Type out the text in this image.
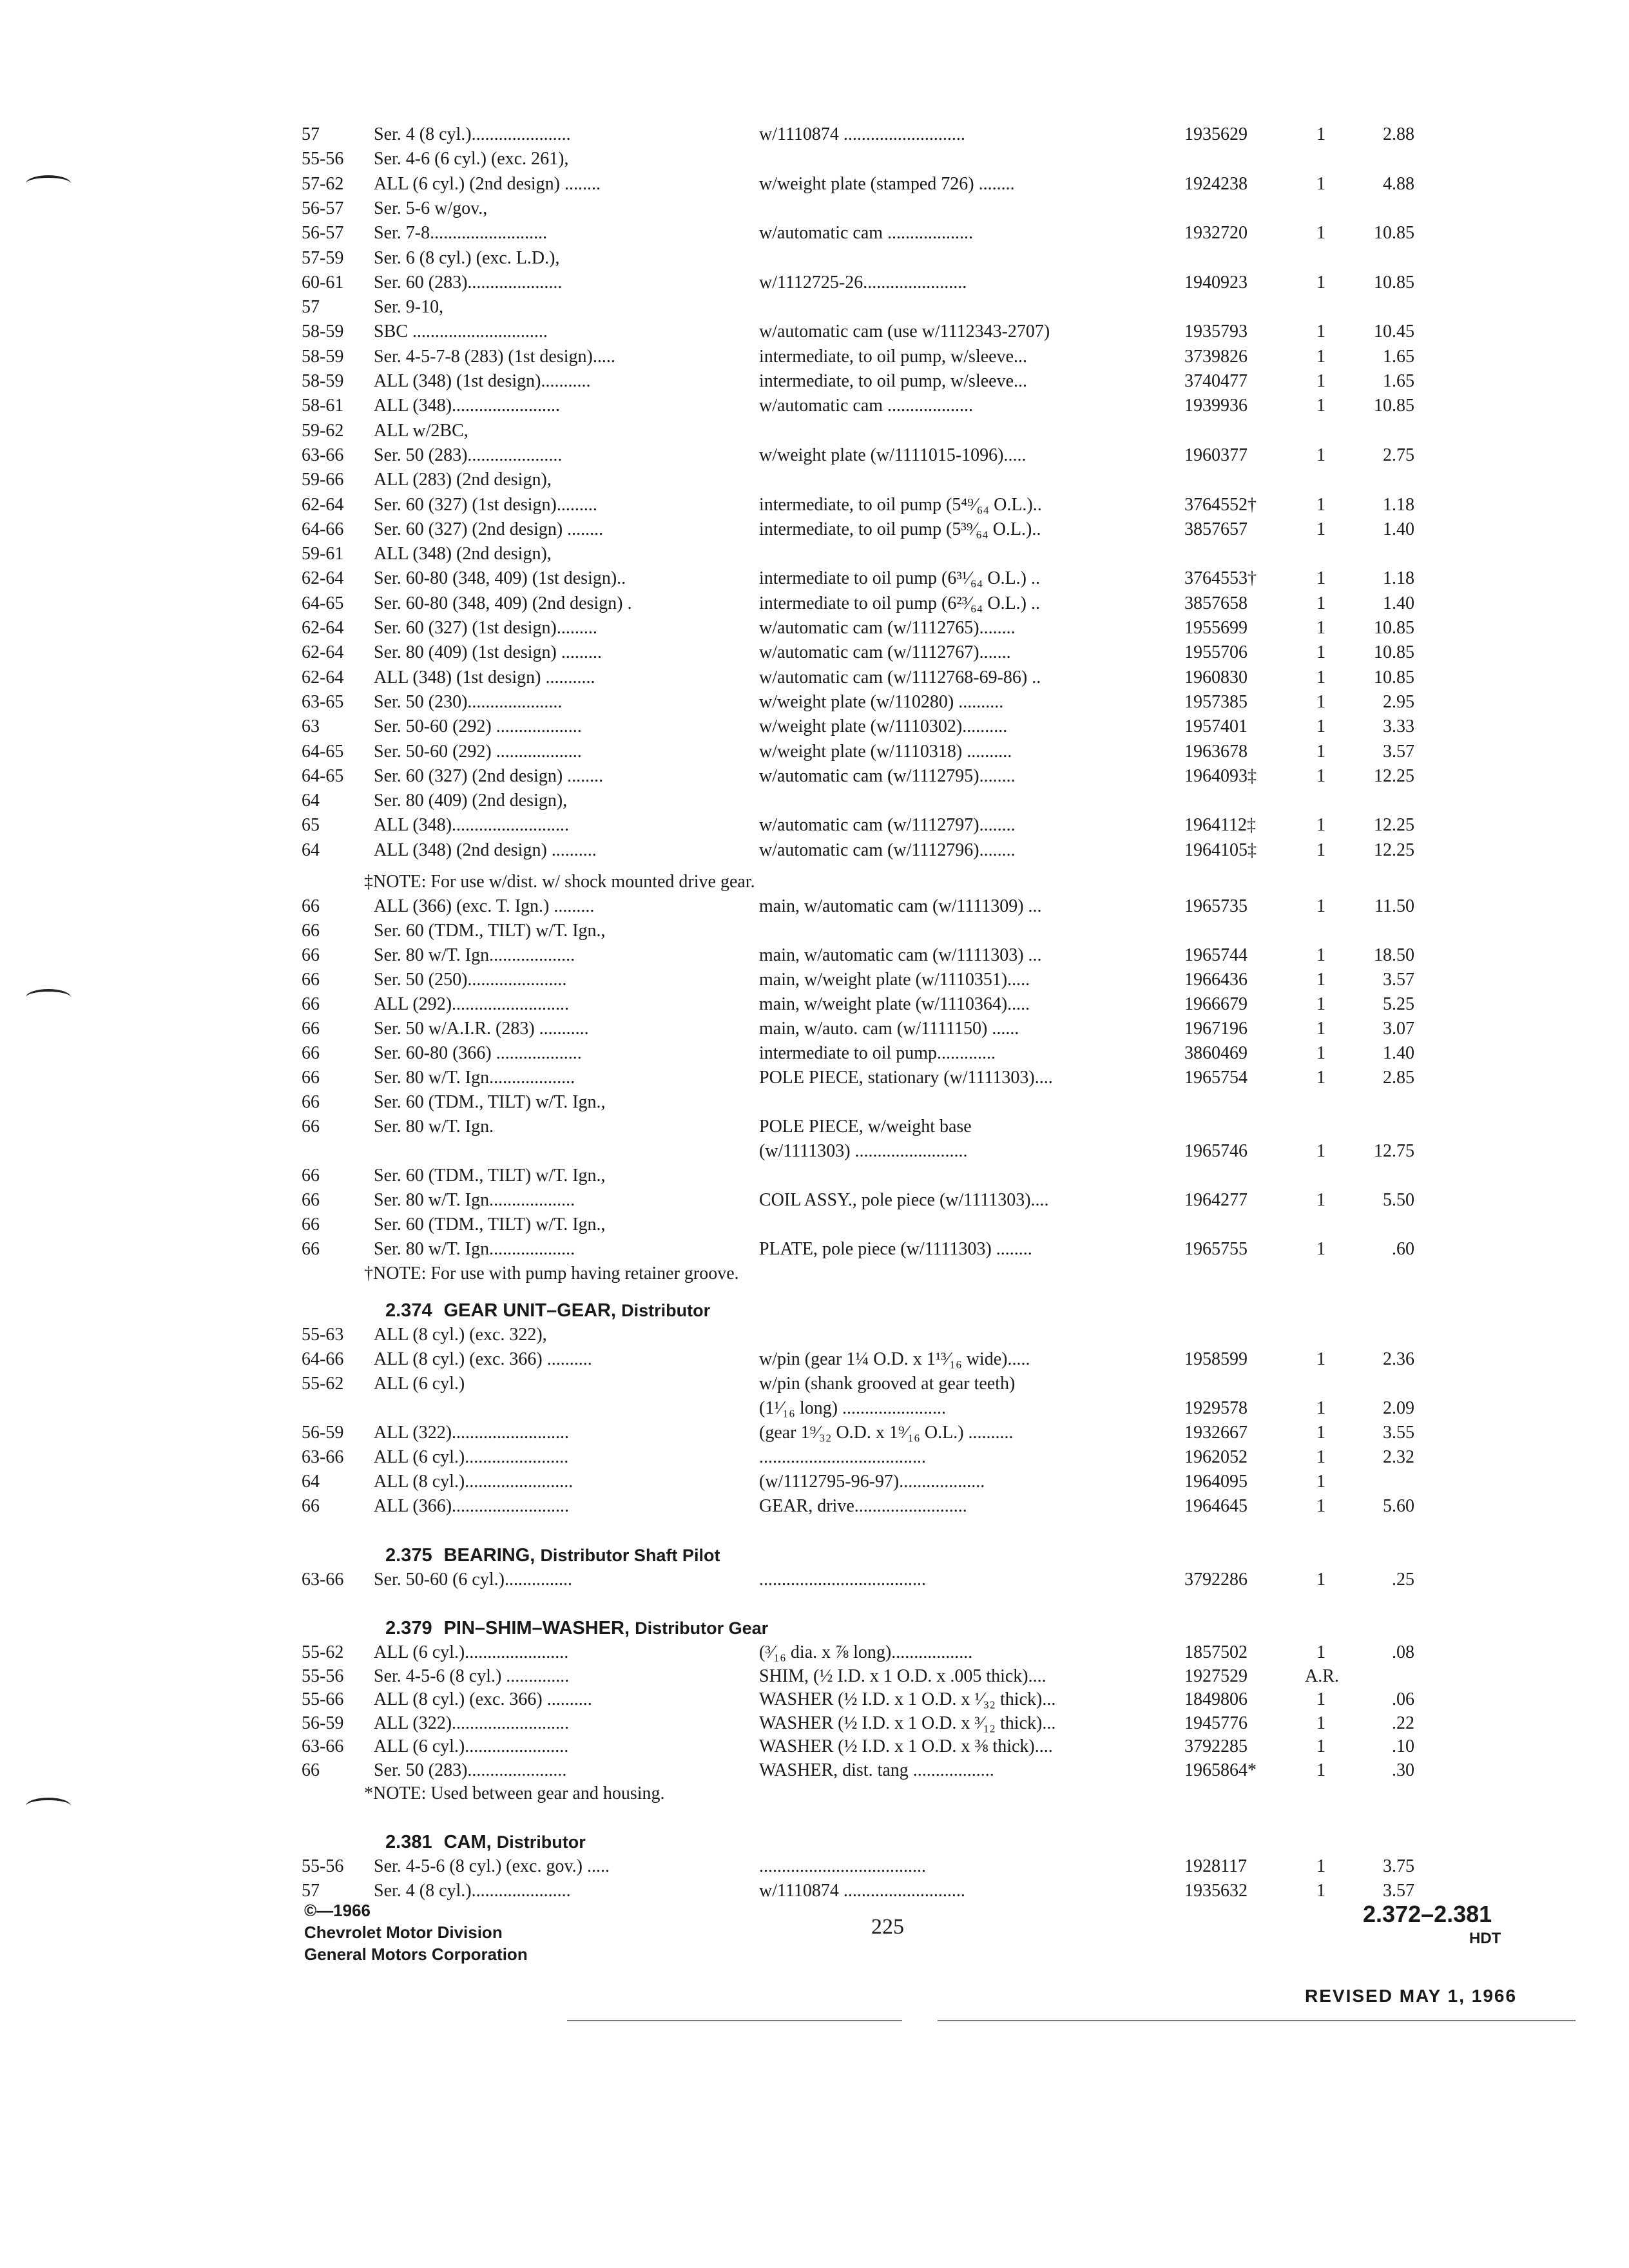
57	Ser. 4 (8 cyl.)......................	w/1110874 ...........................	1935629	1	2.88
55-56 Ser. 4-6 (6 cyl.) (exc. 261),
57-62 ALL (6 cyl.) (2nd design) ........	w/weight plate (stamped 726) ........	1924238	1	4.88
56-57 Ser. 5-6 w/gov.,
56-57 Ser. 7-8..........................	w/automatic cam ...................	1932720	1	10.85
57-59 Ser. 6 (8 cyl.) (exc. L.D.),
60-61 Ser. 60 (283).....................	w/1112725-26.......................	1940923	1	10.85
57	Ser. 9-10,
58-59 SBC ..............................	w/automatic cam (use w/1112343-2707)	1935793	1	10.45
58-59 Ser. 4-5-7-8 (283) (1st design).....	intermediate, to oil pump, w/sleeve...	3739826	1	1.65
58-59 ALL (348) (1st design)...........	intermediate, to oil pump, w/sleeve...	3740477	1	1.65
58-61 ALL (348)........................	w/automatic cam ...................	1939936	1	10.85
59-62 ALL w/2BC,
63-66 Ser. 50 (283).....................	w/weight plate (w/1111015-1096).....	1960377	1	2.75
59-66 ALL (283) (2nd design),
62-64 Ser. 60 (327) (1st design).........	intermediate, to oil pump (5⁴⁹⁄₆₄ O.L.)..	3764552†	1	1.18
64-66 Ser. 60 (327) (2nd design) ........	intermediate, to oil pump (5³⁹⁄₆₄ O.L.)..	3857657	1	1.40
59-61 ALL (348) (2nd design),
62-64 Ser. 60-80 (348, 409) (1st design)..	intermediate to oil pump (6³¹⁄₆₄ O.L.) ..	3764553†	1	1.18
64-65 Ser. 60-80 (348, 409) (2nd design) .	intermediate to oil pump (6²³⁄₆₄ O.L.) ..	3857658	1	1.40
62-64 Ser. 60 (327) (1st design).........	w/automatic cam (w/1112765)........	1955699	1	10.85
62-64 Ser. 80 (409) (1st design) .........	w/automatic cam (w/1112767).......	1955706	1	10.85
62-64 ALL (348) (1st design) ...........	w/automatic cam (w/1112768-69-86) ..	1960830	1	10.85
63-65 Ser. 50 (230).....................	w/weight plate (w/110280) ..........	1957385	1	2.95
63	Ser. 50-60 (292) ...................	w/weight plate (w/1110302)..........	1957401	1	3.33
64-65 Ser. 50-60 (292) ...................	w/weight plate (w/1110318) ..........	1963678	1	3.57
64-65 Ser. 60 (327) (2nd design) ........	w/automatic cam (w/1112795)........	1964093‡	1	12.25
64	Ser. 80 (409) (2nd design),
65	ALL (348)..........................	w/automatic cam (w/1112797)........	1964112‡	1	12.25
64	ALL (348) (2nd design) ..........	w/automatic cam (w/1112796)........	1964105‡	1	12.25
‡NOTE: For use w/dist. w/ shock mounted drive gear.
66	ALL (366) (exc. T. Ign.) .........	main, w/automatic cam (w/1111309) ...	1965735	1	11.50
66	Ser. 60 (TDM., TILT) w/T. Ign.,
66	Ser. 80 w/T. Ign...................	main, w/automatic cam (w/1111303) ...	1965744	1	18.50
66	Ser. 50 (250)......................	main, w/weight plate (w/1110351).....	1966436	1	3.57
66	ALL (292)..........................	main, w/weight plate (w/1110364).....	1966679	1	5.25
66	Ser. 50 w/A.I.R. (283) ...........	main, w/auto. cam (w/1111150) ......	1967196	1	3.07
66	Ser. 60-80 (366) ...................	intermediate to oil pump.............	3860469	1	1.40
66	Ser. 80 w/T. Ign...................	POLE PIECE, stationary (w/1111303)....	1965754	1	2.85
66	Ser. 60 (TDM., TILT) w/T. Ign.,
66	Ser. 80 w/T. Ign.	POLE PIECE, w/weight base
(w/1111303) .........................	1965746	1	12.75
66	Ser. 60 (TDM., TILT) w/T. Ign.,
66	Ser. 80 w/T. Ign...................	COIL ASSY., pole piece (w/1111303)....	1964277	1	5.50
66	Ser. 60 (TDM., TILT) w/T. Ign.,
66	Ser. 80 w/T. Ign...................	PLATE, pole piece (w/1111303) ........	1965755	1	.60
†NOTE: For use with pump having retainer groove.
2.374 GEAR UNIT–GEAR, Distributor
55-63 ALL (8 cyl.) (exc. 322),
64-66 ALL (8 cyl.) (exc. 366) ..........	w/pin (gear 1¼ O.D. x 1¹³⁄₁₆ wide).....	1958599	1	2.36
55-62 ALL (6 cyl.)	w/pin (shank grooved at gear teeth)
(1¹⁄₁₆ long) .......................	1929578	1	2.09
56-59 ALL (322)..........................	(gear 1⁹⁄₃₂ O.D. x 1⁹⁄₁₆ O.L.) ..........	1932667	1	3.55
63-66 ALL (6 cyl.).......................	.....................................	1962052	1	2.32
64	ALL (8 cyl.)........................	(w/1112795-96-97)...................	1964095	1
66	ALL (366)..........................	GEAR, drive.........................	1964645	1	5.60
2.375 BEARING, Distributor Shaft Pilot
63-66 Ser. 50-60 (6 cyl.)...............	.....................................	3792286	1	.25
2.379 PIN–SHIM–WASHER, Distributor Gear
55-62 ALL (6 cyl.).......................	(³⁄₁₆ dia. x ⅞ long)..................	1857502	1	.08
55-56 Ser. 4-5-6 (8 cyl.) ..............	SHIM, (½ I.D. x 1 O.D. x .005 thick)....	1927529	A.R.
55-66 ALL (8 cyl.) (exc. 366) ..........	WASHER (½ I.D. x 1 O.D. x ¹⁄₃₂ thick)...	1849806	1	.06
56-59 ALL (322)..........................	WASHER (½ I.D. x 1 O.D. x ³⁄₁₂ thick)...	1945776	1	.22
63-66 ALL (6 cyl.).......................	WASHER (½ I.D. x 1 O.D. x ⅜ thick)....	3792285	1	.10
66	Ser. 50 (283)......................	WASHER, dist. tang ..................	1965864*	1	.30
*NOTE: Used between gear and housing.
2.381 CAM, Distributor
55-56 Ser. 4-5-6 (8 cyl.) (exc. gov.) .....	.....................................	1928117	1	3.75
57	Ser. 4 (8 cyl.)......................	w/1110874 ...........................	1935632	1	3.57
©—1966
Chevrolet Motor Division
General Motors Corporation
225	2.372–2.381
HDT
REVISED MAY 1, 1966
